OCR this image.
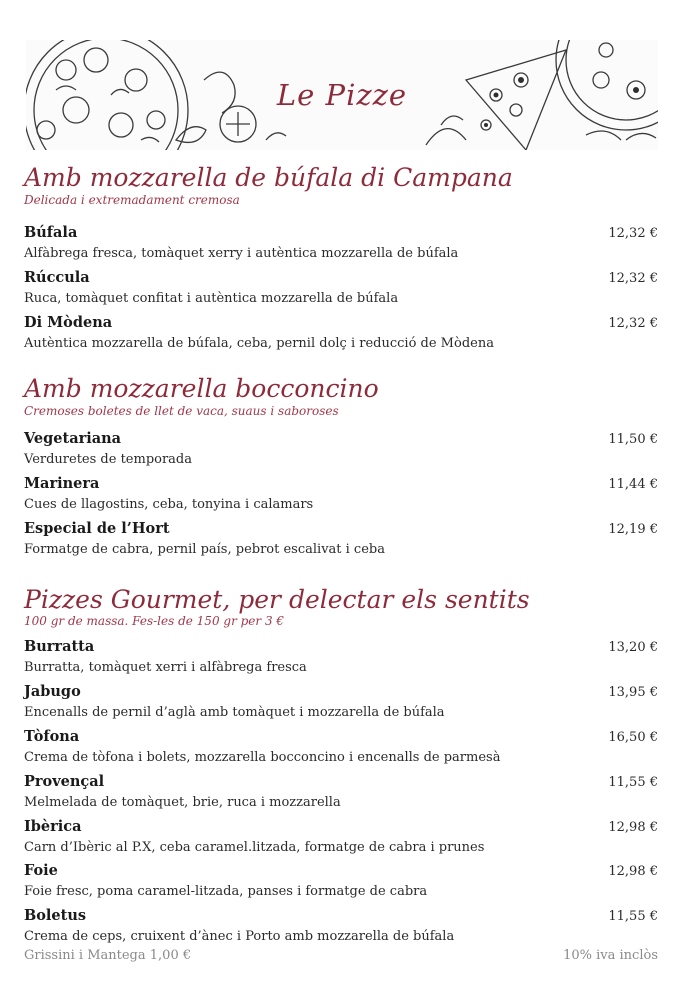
Le Pizze
Amb mozzarella de búfala di Campana
Delicada i extremadament cremosa
Búfala
Alfàbrega fresca, tomàquet xerry i autèntica mozzarella de búfala
12,32 €
Rúccula
Ruca, tomàquet confitat i autèntica mozzarella de búfala
12,32 €
Di Mòdena
Autèntica mozzarella de búfala, ceba, pernil dolç i reducció de Mòdena
12,32 €
Amb mozzarella bocconcino
Cremoses boletes de llet de vaca, suaus i saboroses
Vegetariana
Verduretes de temporada
11,50 €
Marinera
Cues de llagostins, ceba, tonyina i calamars
11,44 €
Especial de l’Hort
Formatge de cabra, pernil país, pebrot escalivat i ceba
12,19 €
Pizzes Gourmet, per delectar els sentits
100 gr de massa. Fes-les de 150 gr per 3 €
Burratta
Burratta, tomàquet xerri i alfàbrega fresca
13,20 €
Jabugo
Encenalls de pernil d’aglà amb tomàquet i mozzarella de búfala
13,95 €
Tòfona
Crema de tòfona i bolets, mozzarella bocconcino i encenalls de parmesà
16,50 €
Provençal
Melmelada de tomàquet, brie, ruca i mozzarella
11,55 €
Ibèrica
Carn d’Ibèric al P.X, ceba caramel.litzada, formatge de cabra i prunes
12,98 €
Foie
Foie fresc, poma caramel-litzada, panses i formatge de cabra
12,98 €
Boletus
Crema de ceps, cruixent d’ànec i Porto amb mozzarella de búfala
11,55 €
Grissini i Mantega 1,00 €	10% iva inclòs
